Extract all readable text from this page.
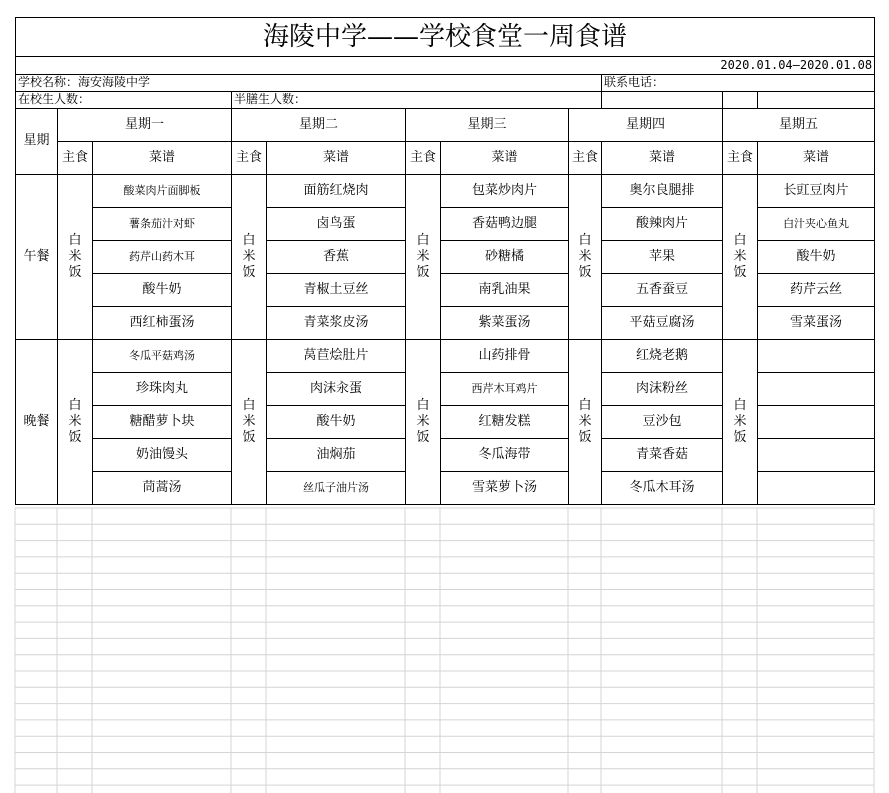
海陵中学——学校食堂一周食谱										
2020.01.04—2020.01.08										
学校名称：海安海陵中学								联系电话：		
在校生人数：			半膳生人数：							
星期	星期一		星期二		星期三		星期四		星期五	
	主食	菜谱	主食	菜谱	主食	菜谱	主食	菜谱	主食	菜谱
午餐	白
米
饭	酸菜肉片面脚板	白
米
饭	面筋红烧肉	白
米
饭	包菜炒肉片	白
米
饭	奥尔良腿排	白
米
饭	长豇豆肉片
		薯条茄汁对虾		卤鸟蛋		香菇鸭边腿		酸辣肉片		白汁夹心鱼丸
		药芹山药木耳		香蕉		砂糖橘		苹果		酸牛奶
		酸牛奶		青椒土豆丝		南乳油果		五香蚕豆		药芹云丝
		西红柿蛋汤		青菜浆皮汤		紫菜蛋汤		平菇豆腐汤		雪菜蛋汤
晚餐	白
米
饭	冬瓜平菇鸡汤	白
米
饭	莴苣烩肚片	白
米
饭	山药排骨	白
米
饭	红烧老鹅	白
米
饭	

		珍珠肉丸		肉沫汆蛋		西芹木耳鸡片		肉沫粉丝		
		糖醋萝卜块		酸牛奶		红糖发糕		豆沙包		
		奶油馒头		油焖茄		冬瓜海带		青菜香菇		
		茼蒿汤		丝瓜子油片汤		雪菜萝卜汤		冬瓜木耳汤		
